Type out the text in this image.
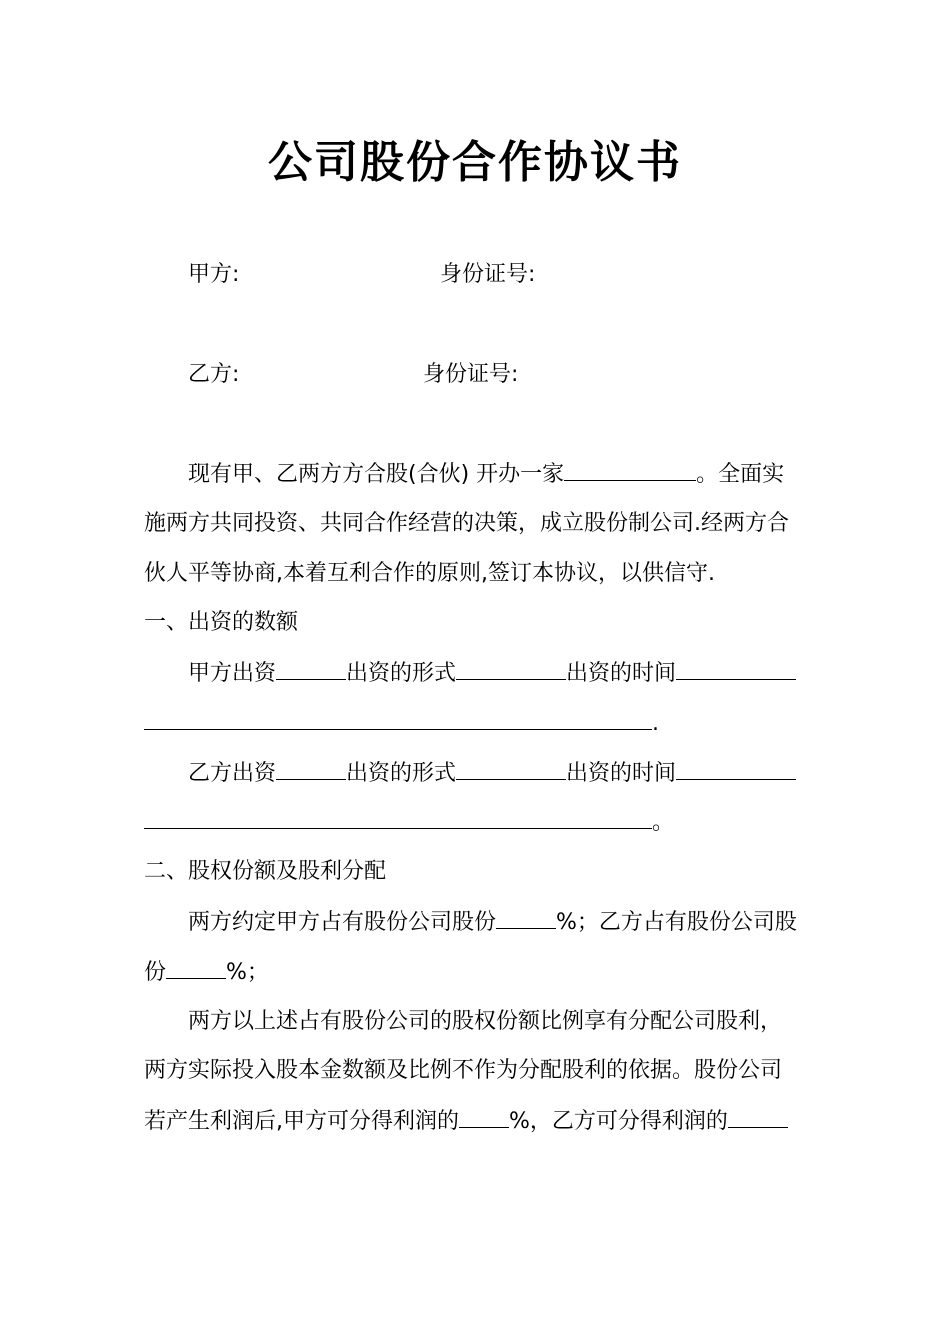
公司股份合作协议书
甲方:	身份证号:
乙方:	身份证号:
现有甲、乙两方方合股(合伙) 开办一家	。全面实
施两方共同投资、共同合作经营的决策，成立股份制公司.经两方合
伙人平等协商,本着互利合作的原则,签订本协议，以供信守.
一、出资的数额
甲方出资	出资的形式	出资的时间
.
乙方出资	出资的形式	出资的时间
。
二、股权份额及股利分配
两方约定甲方占有股份公司股份	%；乙方占有股份公司股
份	%；
两方以上述占有股份公司的股权份额比例享有分配公司股利，
两方实际投入股本金数额及比例不作为分配股利的依据。股份公司
若产生利润后,甲方可分得利润的 %，乙方可分得利润的
